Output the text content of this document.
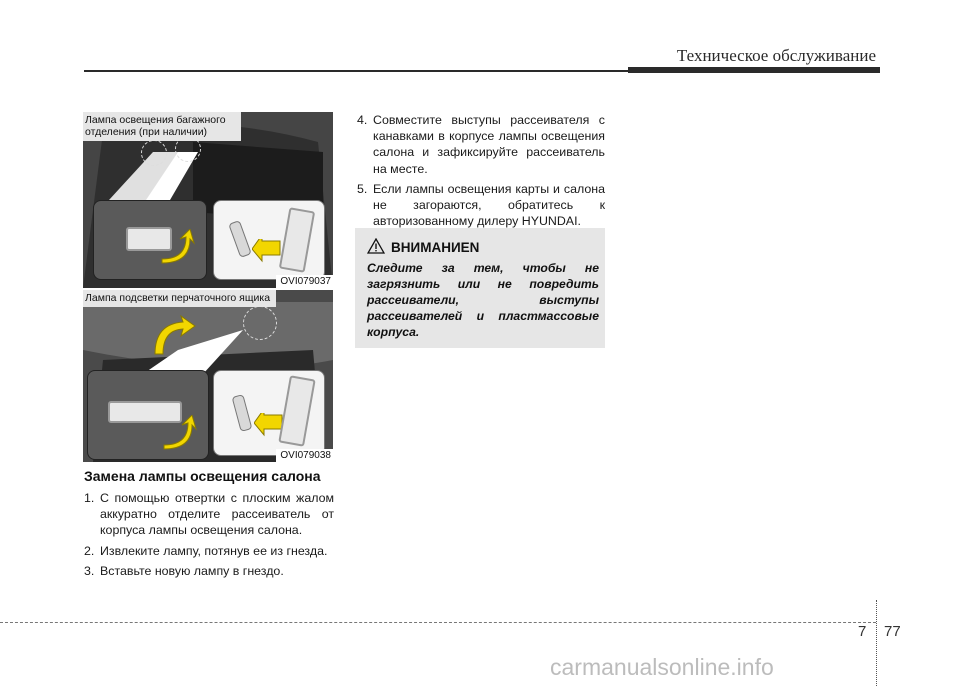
Техническое обслуживание
Лампа освещения багажного отделения (при наличии)
OVI079037
Лампа подсветки перчаточного ящика
OVI079038
Замена лампы освещения салона
1. С помощью отвертки с плоским жалом аккуратно отделите рассеиватель от корпуса лампы освещения салона.
2. Извлеките лампу, потянув ее из гнезда.
3. Вставьте новую лампу в гнездо.
4. Совместите выступы рассеивателя с канавками в корпусе лампы освещения салона и зафиксируйте рассеиватель на месте.
5. Если лампы освещения карты и салона не загораются, обратитесь к авторизованному дилеру HYUNDAI.
ВНИМАНИЕN
Следите за тем, чтобы не загрязнить или не повредить рассеиватели, выступы рассеивателей и пластмассовые корпуса.
7 77
carmanualsonline.info
